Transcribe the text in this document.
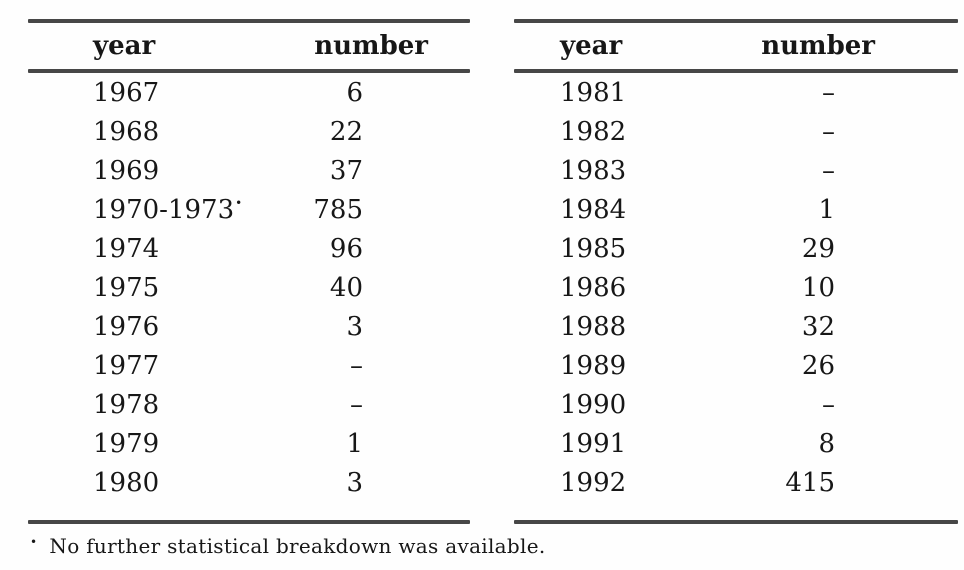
year	number
1967	6
1968	22
1969	37
1970-1973•	785
1974	96
1975	40
1976	3
1977	–
1978	–
1979	1
1980	3
year	number
1981	–
1982	–
1983	–
1984	1
1985	29
1986	10
1988	32
1989	26
1990	–
1991	8
1992	415
• No further statistical breakdown was available.
